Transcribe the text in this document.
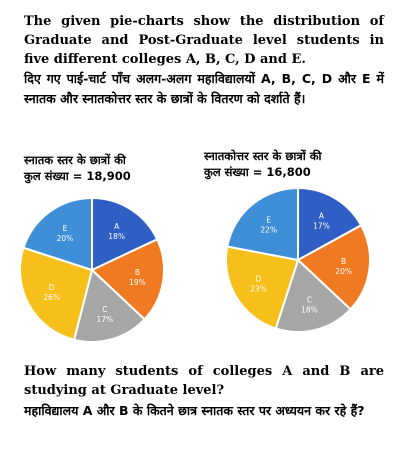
The given pie-charts show the distribution of Graduate and Post-Graduate level students in five different colleges A, B, C, D and E.

दिए गए पाई-चार्ट पाँच अलग-अलग महाविद्यालयों A, B, C, D और E में स्नातक और स्नातकोत्तर स्तर के छात्रों के वितरण को दर्शाते हैं।

स्नातक स्तर के छात्रों की
कुल संख्या = 18,900
स्नातकोत्तर स्तर के छात्रों की
कुल संख्या = 16,800
A
18%
B
19%
C
17%
D
26%
E
20%
A
17%
B
20%
C
18%
D
23%
E
22%

How many students of colleges A and B are studying at Graduate level?

महाविद्यालय A और B के कितने छात्र स्नातक स्तर पर अध्ययन कर रहे हैं?
